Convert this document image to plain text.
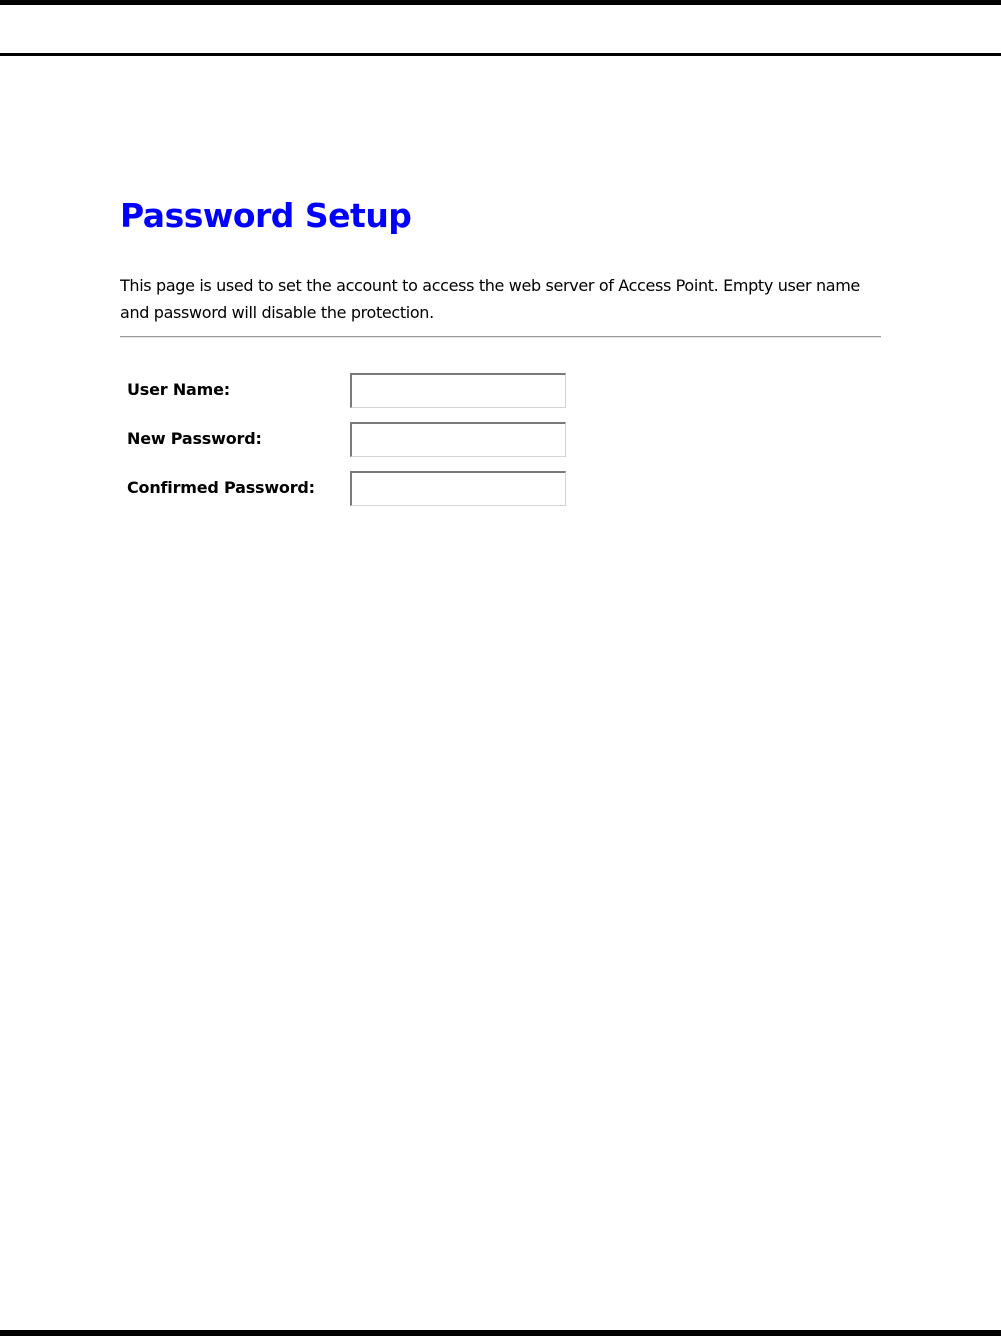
Password Setup

This page is used to set the account to access the web server of Access Point. Empty user name and password will disable the protection.

User Name:
New Password:
Confirmed Password:
